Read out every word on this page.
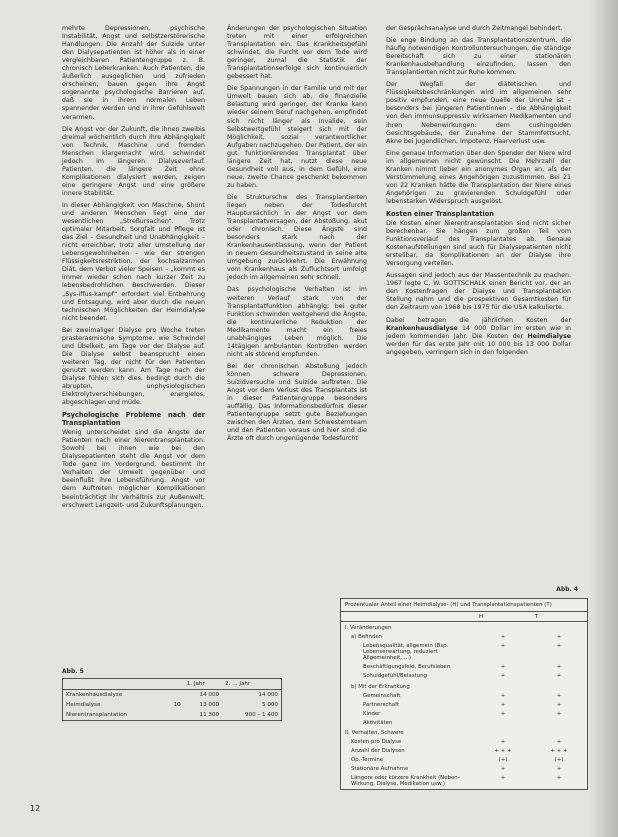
mehrte Depressionen, psychische Instabilität, Angst und selbstzerstörerische Handlungen. Die Anzahl der Suizide unter den Dialysepatienten ist höher als in einer vergleichbaren Patientengruppe z. B. chronisch Leberkranken. Auch Patienten, die äußerlich ausgeglichen und zufrieden erscheinen, bauen gegen ihre Angst sogenannte psychologische Barrieren auf, daß sie in ihrem normalen Leben spannender werden und in ihrer Gefühlswelt verarmen.

Die Angst vor der Zukunft, die ihnen zweibis dreimal wöchentlich durch ihre Abhängigkeit von Technik, Maschine und fremden Menschen klargemacht wird, schwindet jedoch im längeren Dialyseverlauf. Patienten, die längere Zeit ohne Komplikationen dialysiert werden, zeigen eine geringere Angst und eine größere innere Stabilität.

In dieser Abhängigkeit von Maschine, Shunt und anderen Menschen liegt eine der wesentlichen „Streßursachen“. Trotz optimaler Mitarbeit, Sorgfalt und Pflege ist das Ziel – Gesundheit und Unabhängigkeit – nicht erreichbar, trotz aller Umstellung der Lebensgewohnheiten – wie der strengen Flüssigkeitsrestriktion, der kochsalzarmen Diät, dem Verbot vieler Speisen – „kommt es immer wieder schon nach kurzer Zeit zu lebensbedrohlichen Beschwerden. Dieser „Sys-iffus-kampf“ erfordert viel Entbehrung und Entsagung, wird aber durch die neuen technischen Möglichkeiten der Heimdialyse nicht beendet.

Bei zweimaliger Dialyse pro Woche treten prasterasmische Symptome, wie Schwindel und Übelkeit, am Tage vor der Dialyse auf. Die Dialyse selbst beansprucht einen weiteren Tag, der nicht für den Patienten genutzt werden kann. Am Tage nach der Dialyse fühlen sich dies, bedingt durch die abrupten, unphysiologischen Elektrolytverschiebungen, energielos, abgeschlagen und müde.

Psychologische Probleme nach der Transplantation

Wenig unterscheidet sind die Ängste der Patienten nach einer Nierentransplantation. Sowohl bei ihnen wie bei den Dialysepatienten steht die Angst vor dem Tode ganz im Vordergrund, bestimmt ihr Verhalten der Umwelt gegenüber und beeinflußt ihre Lebensführung. Angst vor dem Auftreten möglicher Komplikationen beeinträchtigt ihr Verhältnis zur Außenwelt, erschwert Langzeit- und Zukunftsplanungen.

Änderungen der psychologischen Situation treten mit einer erfolgreichen Transplantation ein. Das Krankheitsgefühl schwindet, die Furcht vor dem Tode wird geringer, zumal die Statistik der Transplantationserfolge sich kontinuierlich gebessert hat.

Die Spannungen in der Familie und mit der Umwelt bauen sich ab, die finanzielle Belastung wird geringer, der Kranke kann wieder seinem Beruf nachgehen, empfindet sich nicht länger als Invalide, sein Selbstwertgefühl steigert sich mit der Möglichkeit, sozial verantwortlicher Aufgaben nachzugehen. Der Patient, der ein gut funktionierendes Transplantat über längere Zeit hat, nutzt diese neue Gesundheit voll aus, in dem Gefühl, eine neue, zweite Chance geschenkt bekommen zu haben.

Die Strukturschw des Transplantierten liegen neben der Todesfurcht Hauptursächlich in der Angst vor dem Transplantatversagen, der Abstoßung, akut oder chronisch. Diese Ängste sind besonders stark nach der Krankenhausentlassung, wenn der Patient in neuem Gesundheitszustand in seine alte Umgebung zurückkehrt. Die Erwähnung vom Krankenhaus als Zufluchtsort umfolgt jedoch im allgemeinen sehr schnell.

Das psychologische Verhalten ist im weiteren Verlauf stark von der Transplantatfunktion abhängig; bei guter Funktion schwinden weitgehend die Ängste, die kontinuierliche Reduktion der Medikamente macht ein freies unabhängiges Leben möglich. Die 14tägigen ambulanten Kontrollen werden nicht als störend empfunden.

Bei der chronischen Abstoßung jedoch können schwere Depressionen, Suizidversuche und Suizide auftreten. Die Angst vor dem Verlust des Transplantats ist in dieser Patientengruppe besonders auffällig. Das Informationsbedürfnis dieser Patientengruppe setzt gute Beziehungen zwischen den Ärzten, dem Schwesternteam und den Patienten voraus und hier sind die Ärzte oft durch ungenügende Todesfurcht

der Gesprächsanalyse und durch Zeitmangel behindert.

Die enge Bindung an das Transplantationszentrum, die häufig notwendigen Kontrolluntersuchungen, die ständige Bereitschaft sich zu einer stationären Krankenhausbehandlung einzufinden, lassen den Transplantierten nicht zur Ruhe kommen.

Der Wegfall der diätetischen und Flüssigkeitsbeschränkungen wird im allgemeinen sehr positiv empfunden, eine neue Quelle der Unruhe ist – besonders bei jüngeren Patientinnen – die Abhängigkeit von den immunsuppressiv wirksamen Medikamenten und ihren Nebenwirkungen: dem cushingoiden Gesichtsgebäude, der Zunahme der Stammfettsucht, Akne bei Jugendlichen, Impotenz, Haarverlust usw.

Eine genaue Information über den Spender der Niere wird im allgemeinen nicht gewünscht. Die Mehrzahl der Kranken nimmt lieber ein anonymes Organ an, als der Verstümmelung eines Angehörigen zuzustimmen. Bei 21 von 22 Kranken hätte die Transplantation der Niere eines Angehörigen zu gravierenden Schuldgefühl oder lebenstarken Widerspruch ausgelöst.

Kosten einer Transplantation

Die Kosten einer Nierentransplantation sind nicht sicher berechenbar. Sie hängen zum großen Teil vom Funktionsverlauf des Transplantates ab. Genaue Kostenaufstellungen sind auch für Dialysepatienten nicht erstellbar, da Komplikationen an der Dialyse ihre Versorgung verteilen.

Aussagen sind jedoch aus der Massentechnik zu machen. 1967 legte C. W. GOTTSCHALK einen Bericht vor, der an den Kostenfragen der Dialyse und Transplantation Stellung nahm und die prospektiven Gesamtkosten für den Zeitraum von 1968 bis 1975 für die USA kalkulierte.

Dabei betragen die jährlichen Kosten der Krankenhausdialyse 14 000 Dollar im ersten wie in jedem kommenden Jahr. Die Kosten der Heimdialyse werden für das erste Jahr mit 10 000 bis 13 000 Dollar angegeben, verringern sich in den folgenden

Abb. 4
Prozentualer Anteil einer Heimdialyse- (H) und Transplantationspatienten (T)
	H	T
I. Veränderungen		
a) Befinden	+	+
Lebensqualität, allgemein (Bsp. Lebenserwartung, reduziert Allgemeinheit, ...)	+	+
Beschäftigungsfeld, Berufsleben	+	+
Schuldgefühl/Belastung	+	+
b) Mit der Erkrankung		
Gemeinschaft	+	+
Partnerschaft	+	+
Kinder	+	+
Aktivitäten		
II. Verhalten, Schwere		
Kosten pro Dialyse	+	+
Anzahl der Dialysen	+ + +	+ + +
Op.-Termine	(+)	(+)
Stationäre Aufnahme	+	+
Längere oder kürzere Krankheit (Neben- Wirkung, Dialyse, Medikation usw.)	+	+
Abb. 5
		1. Jahr	2. ... Jahr
Krankenhausdialyse		14 000	14 000
Heimdialyse	10	13 000	5 000
Nierentransplantation		11 300	900 – 1 400
12
